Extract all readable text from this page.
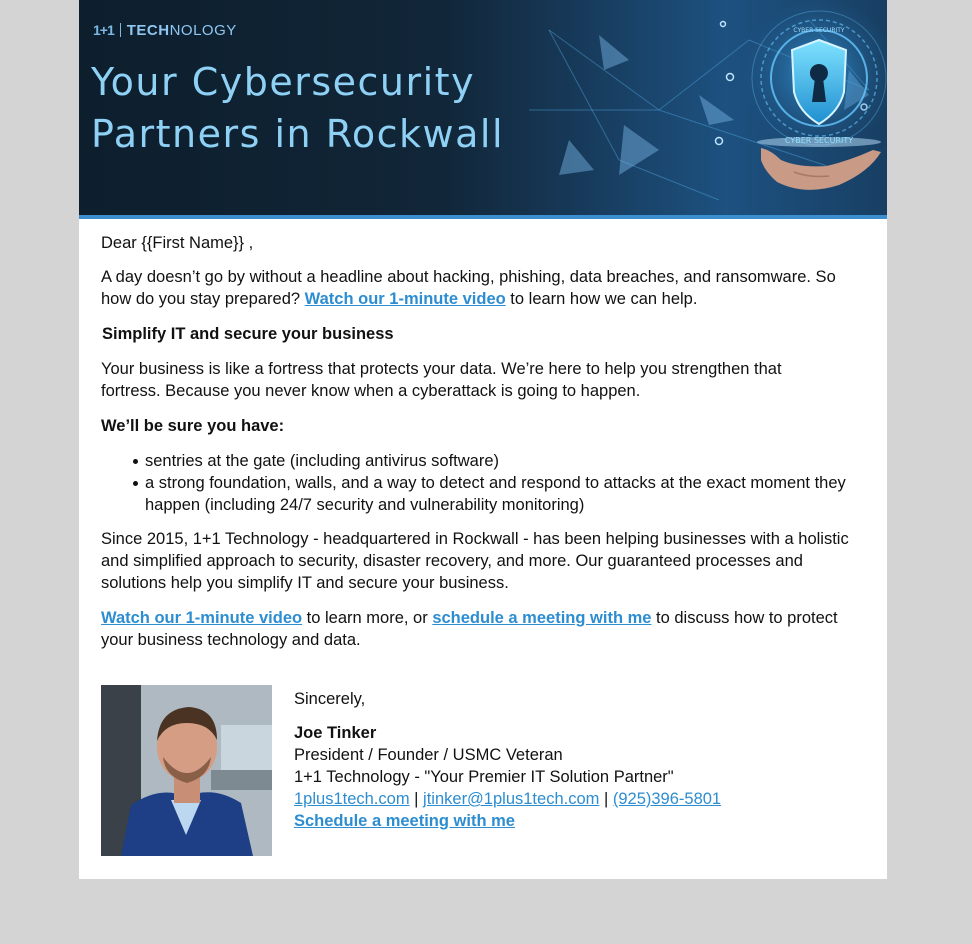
1+1 TECH NOLOGY
Your Cybersecurity
Partners in Rockwall
CYBER SECURITY
CYBER SECURITY

Dear {{First Name}} ,

A day doesn’t go by without a headline about hacking, phishing, data breaches, and ransomware. So how do you stay prepared? Watch our 1-minute video to learn how we can help.

Simplify IT and secure your business

Your business is like a fortress that protects your data. We’re here to help you strengthen that fortress. Because you never know when a cyberattack is going to happen.

We’ll be sure you have:

sentries at the gate (including antivirus software)
a strong foundation, walls, and a way to detect and respond to attacks at the exact moment they happen (including 24/7 security and vulnerability monitoring)

Since 2015, 1+1 Technology - headquartered in Rockwall - has been helping businesses with a holistic and simplified approach to security, disaster recovery, and more. Our guaranteed processes and solutions help you simplify IT and secure your business.

Watch our 1-minute video to learn more, or schedule a meeting with me to discuss how to protect your business technology and data.

Sincerely,

Joe Tinker
President / Founder / USMC Veteran
1+1 Technology - "Your Premier IT Solution Partner"
1plus1tech.com | jtinker@1plus1tech.com | (925)396-5801
Schedule a meeting with me
